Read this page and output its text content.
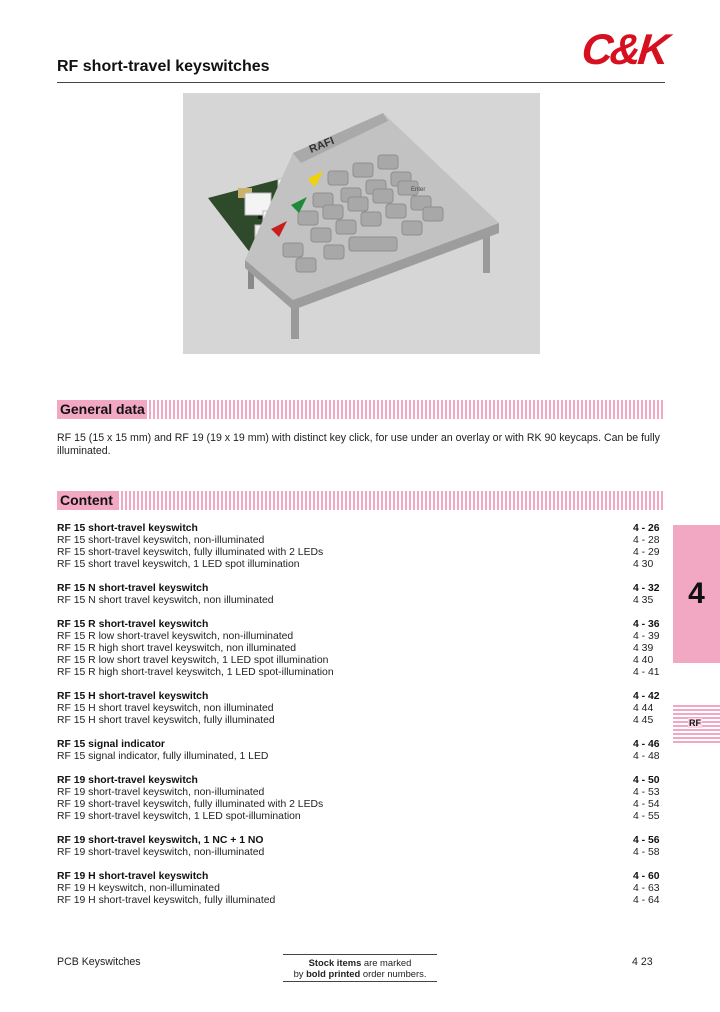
C&K
RF short-travel keyswitches
RAFI
Enter
General data
RF 15 (15 x 15 mm) and RF 19 (19 x 19 mm) with distinct key click, for use under an overlay or with RK 90 keycaps. Can be fully illuminated.
Content
RF 15 short-travel keyswitch	4 - 26
RF 15 short-travel keyswitch, non-illuminated	4 - 28
RF 15 short-travel keyswitch, fully illuminated with 2 LEDs	4 - 29
RF 15 short travel keyswitch, 1 LED spot illumination	4 30
RF 15 N short-travel keyswitch	4 - 32
RF 15 N short travel keyswitch, non illuminated	4 35
RF 15 R short-travel keyswitch	4 - 36
RF 15 R low short-travel keyswitch, non-illuminated	4 - 39
RF 15 R high short travel keyswitch, non illuminated	4 39
RF 15 R low short travel keyswitch, 1 LED spot illumination	4 40
RF 15 R high short-travel keyswitch, 1 LED spot-illumination	4 - 41
RF 15 H short-travel keyswitch	4 - 42
RF 15 H short travel keyswitch, non illuminated	4 44
RF 15 H short travel keyswitch, fully illuminated	4 45
RF 15 signal indicator	4 - 46
RF 15 signal indicator, fully illuminated, 1 LED	4 - 48
RF 19 short-travel keyswitch	4 - 50
RF 19 short-travel keyswitch, non-illuminated	4 - 53
RF 19 short-travel keyswitch, fully illuminated with 2 LEDs	4 - 54
RF 19 short-travel keyswitch, 1 LED spot-illumination	4 - 55
RF 19 short-travel keyswitch, 1 NC + 1 NO	4 - 56
RF 19 short-travel keyswitch, non-illuminated	4 - 58
RF 19 H short-travel keyswitch	4 - 60
RF 19 H keyswitch, non-illuminated	4 - 63
RF 19 H short-travel keyswitch, fully illuminated	4 - 64
4
RF
PCB Keyswitches	Stock items are marked
by bold printed order numbers.
4 23
